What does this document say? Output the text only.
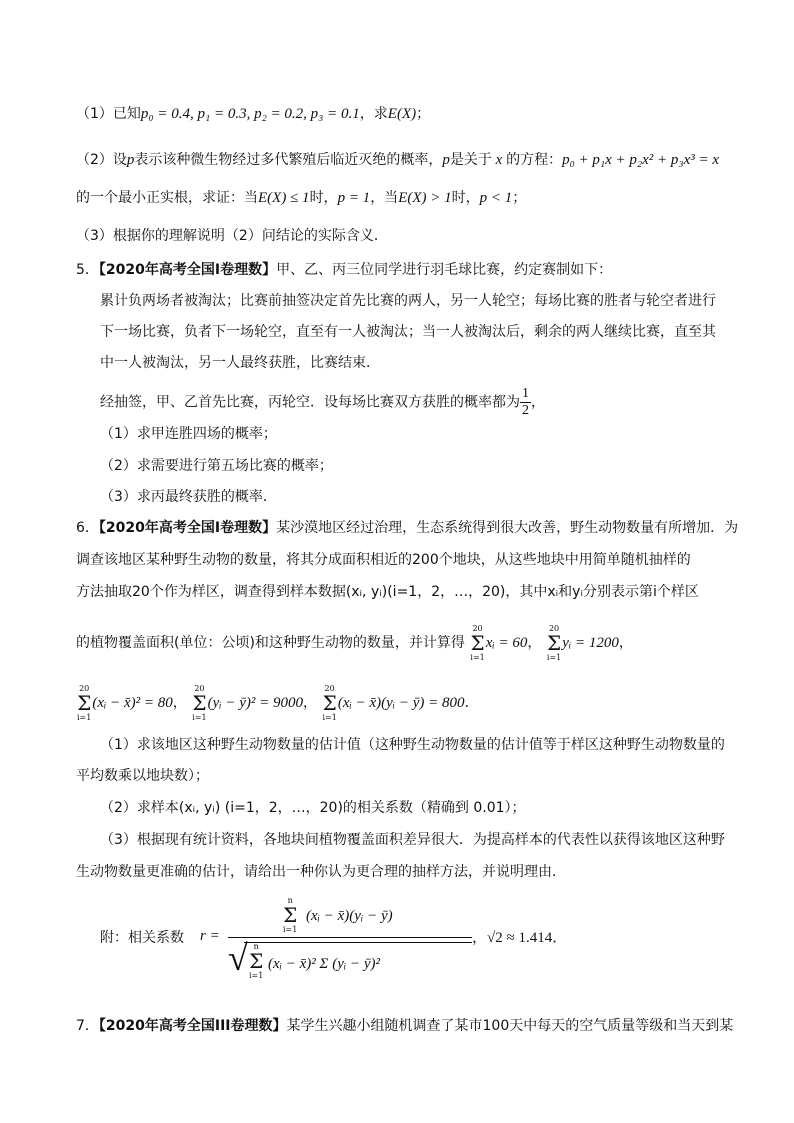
（1）已知p₀ = 0.4, p₁ = 0.3, p₂ = 0.2, p₃ = 0.1，求E(X)；
（2）设p表示该种微生物经过多代繁殖后临近灭绝的概率，p是关于 x 的方程：p₀ + p₁x + p₂x² + p₃x³ = x
的一个最小正实根，求证：当E(X) ≤ 1时，p = 1，当E(X) > 1时，p < 1；
（3）根据你的理解说明（2）问结论的实际含义．
5．【2020年高考全国Ⅰ卷理数】甲、乙、丙三位同学进行羽毛球比赛，约定赛制如下：
累计负两场者被淘汰；比赛前抽签决定首先比赛的两人，另一人轮空；每场比赛的胜者与轮空者进行
下一场比赛，负者下一场轮空，直至有一人被淘汰；当一人被淘汰后，剩余的两人继续比赛，直至其
中一人被淘汰，另一人最终获胜，比赛结束．
经抽签，甲、乙首先比赛，丙轮空．设每场比赛双方获胜的概率都为 $\frac{1}{2}$ ，
（1）求甲连胜四场的概率；
（2）求需要进行第五场比赛的概率；
（3）求丙最终获胜的概率．
6．【2020年高考全国Ⅰ卷理数】某沙漠地区经过治理，生态系统得到很大改善，野生动物数量有所增加．为
调查该地区某种野生动物的数量，将其分成面积相近的200个地块，从这些地块中用简单随机抽样的
方法抽取20个作为样区，调查得到样本数据(xᵢ, yᵢ)(i=1，2，…，20)，其中xᵢ和yᵢ分别表示第i个样区
的植物覆盖面积(单位：公顷)和这种野生动物的数量，并计算得
20
Σ
i=1
xᵢ = 60，
20
Σ
i=1
yᵢ = 1200，
20
Σ
i=1
(xᵢ − x̄)² = 80，
20
Σ
i=1
(yᵢ − ȳ)² = 9000，
20
Σ
i=1
(xᵢ − x̄)(yᵢ − ȳ) = 800．
（1）求该地区这种野生动物数量的估计值（这种野生动物数量的估计值等于样区这种野生动物数量的
平均数乘以地块数）；
（2）求样本(xᵢ, yᵢ) (i=1，2，…，20)的相关系数（精确到 0.01）；
（3）根据现有统计资料，各地块间植物覆盖面积差异很大．为提高样本的代表性以获得该地区这种野
生动物数量更准确的估计，请给出一种你认为更合理的抽样方法，并说明理由．
附：相关系数 r =
n
Σ
i=1
(xᵢ − x̄)(yᵢ − ȳ)
√ n
Σ
i=1
(xᵢ − x̄)² Σ (yᵢ − ȳ)²
，√2 ≈ 1.414．
7．【2020年高考全国III卷理数】某学生兴趣小组随机调查了某市100天中每天的空气质量等级和当天到某
